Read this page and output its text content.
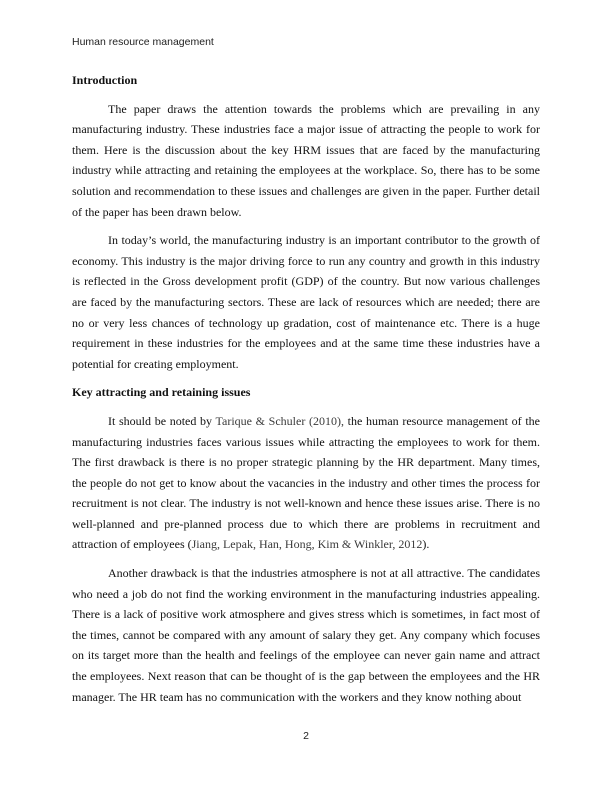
Human resource management
Introduction

The paper draws the attention towards the problems which are prevailing in any manufacturing industry. These industries face a major issue of attracting the people to work for them. Here is the discussion about the key HRM issues that are faced by the manufacturing industry while attracting and retaining the employees at the workplace. So, there has to be some solution and recommendation to these issues and challenges are given in the paper. Further detail of the paper has been drawn below.

In today’s world, the manufacturing industry is an important contributor to the growth of economy. This industry is the major driving force to run any country and growth in this industry is reflected in the Gross development profit (GDP) of the country. But now various challenges are faced by the manufacturing sectors. These are lack of resources which are needed; there are no or very less chances of technology up gradation, cost of maintenance etc. There is a huge requirement in these industries for the employees and at the same time these industries have a potential for creating employment.

Key attracting and retaining issues

It should be noted by Tarique & Schuler (2010), the human resource management of the manufacturing industries faces various issues while attracting the employees to work for them. The first drawback is there is no proper strategic planning by the HR department. Many times, the people do not get to know about the vacancies in the industry and other times the process for recruitment is not clear. The industry is not well-known and hence these issues arise. There is no well-planned and pre-planned process due to which there are problems in recruitment and attraction of employees (Jiang, Lepak, Han, Hong, Kim & Winkler, 2012).

Another drawback is that the industries atmosphere is not at all attractive. The candidates who need a job do not find the working environment in the manufacturing industries appealing. There is a lack of positive work atmosphere and gives stress which is sometimes, in fact most of the times, cannot be compared with any amount of salary they get. Any company which focuses on its target more than the health and feelings of the employee can never gain name and attract the employees. Next reason that can be thought of is the gap between the employees and the HR manager. The HR team has no communication with the workers and they know nothing about

2
